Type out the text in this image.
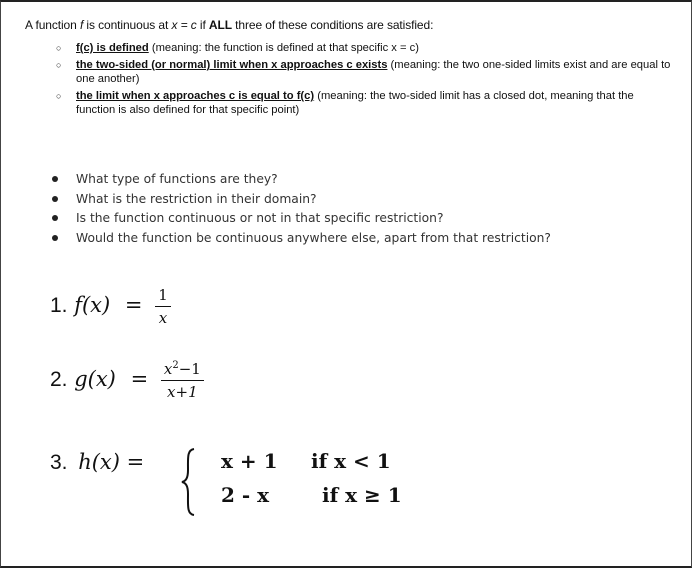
A function f is continuous at x = c if ALL three of these conditions are satisfied:
○ f(c) is defined (meaning: the function is defined at that specific x = c)
○ the two-sided (or normal) limit when x approaches c exists (meaning: the two one-sided limits exist and are equal to one another)
○ the limit when x approaches c is equal to f(c) (meaning: the two-sided limit has a closed dot, meaning that the function is also defined for that specific point)
What type of functions are they?
What is the restriction in their domain?
Is the function continuous or not in that specific restriction?
Would the function be continuous anywhere else, apart from that restriction?
1. $f(x) = \frac{1}{x}$
2. $g(x) = \frac{x^2-1}{x+1}$
3. h(x) =	x + 1 if x < 1
2 - x	if x ≥ 1
